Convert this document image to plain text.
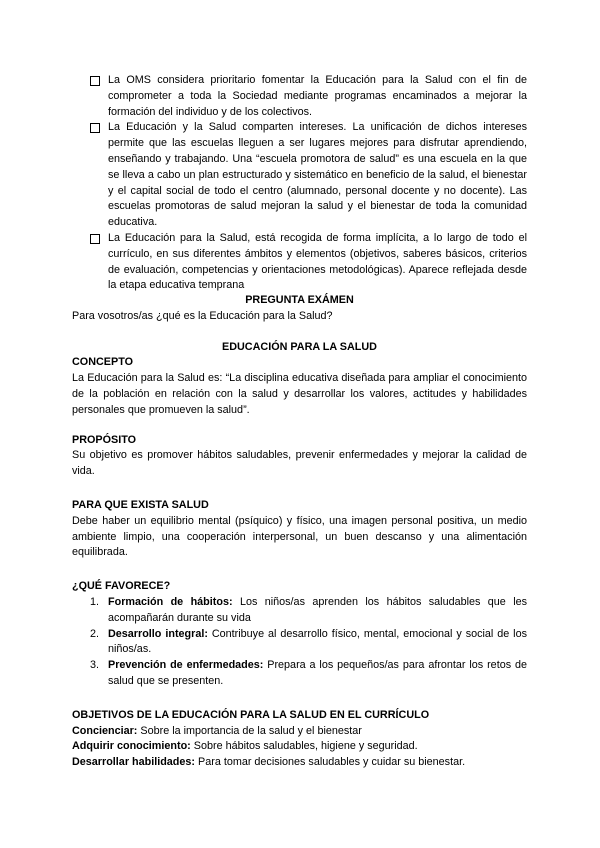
La OMS considera prioritario fomentar la Educación para la Salud con el fin de comprometer a toda la Sociedad mediante programas encaminados a mejorar la formación del individuo y de los colectivos.
La Educación y la Salud comparten intereses. La unificación de dichos intereses permite que las escuelas lleguen a ser lugares mejores para disfrutar aprendiendo, enseñando y trabajando. Una “escuela promotora de salud” es una escuela en la que se lleva a cabo un plan estructurado y sistemático en beneficio de la salud, el bienestar y el capital social de todo el centro (alumnado, personal docente y no docente). Las escuelas promotoras de salud mejoran la salud y el bienestar de toda la comunidad educativa.
La Educación para la Salud, está recogida de forma implícita, a lo largo de todo el currículo, en sus diferentes ámbitos y elementos (objetivos, saberes básicos, criterios de evaluación, competencias y orientaciones metodológicas). Aparece reflejada desde la etapa educativa temprana
PREGUNTA EXÁMEN
Para vosotros/as ¿qué es la Educación para la Salud?
EDUCACIÓN PARA LA SALUD
CONCEPTO
La Educación para la Salud es: “La disciplina educativa diseñada para ampliar el conocimiento de la población en relación con la salud y desarrollar los valores, actitudes y habilidades personales que promueven la salud”.
PROPÓSITO
Su objetivo es promover hábitos saludables, prevenir enfermedades y mejorar la calidad de vida.
PARA QUE EXISTA SALUD
Debe haber un equilibrio mental (psíquico) y físico, una imagen personal positiva, un medio ambiente limpio, una cooperación interpersonal, un buen descanso y una alimentación equilibrada.
¿QUÉ FAVORECE?
1. Formación de hábitos: Los niños/as aprenden los hábitos saludables que les acompañarán durante su vida
2. Desarrollo integral: Contribuye al desarrollo físico, mental, emocional y social de los niños/as.
3. Prevención de enfermedades: Prepara a los pequeños/as para afrontar los retos de salud que se presenten.
OBJETIVOS DE LA EDUCACIÓN PARA LA SALUD EN EL CURRÍCULO
Concienciar: Sobre la importancia de la salud y el bienestar
Adquirir conocimiento: Sobre hábitos saludables, higiene y seguridad.
Desarrollar habilidades: Para tomar decisiones saludables y cuidar su bienestar.
